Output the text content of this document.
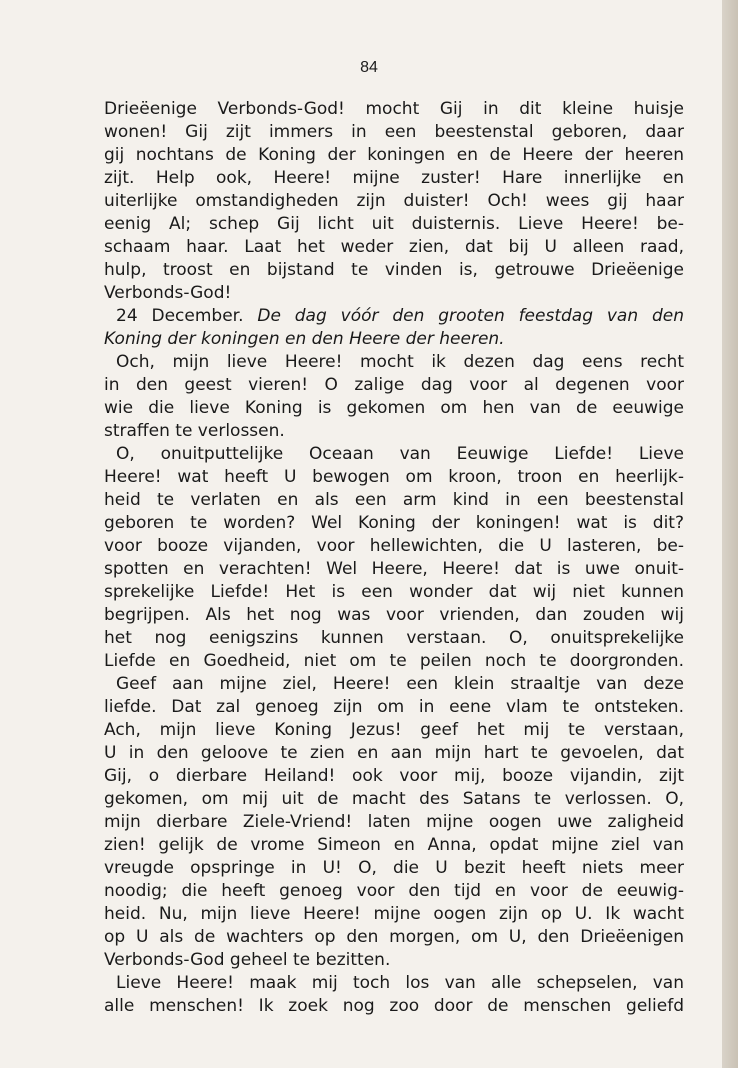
84
Drieëenige Verbonds-God! mocht Gij in dit kleine huisje
wonen! Gij zijt immers in een beestenstal geboren, daar
gij nochtans de Koning der koningen en de Heere der heeren
zijt. Help ook, Heere! mijne zuster! Hare innerlijke en
uiterlijke omstandigheden zijn duister! Och! wees gij haar
eenig Al; schep Gij licht uit duisternis. Lieve Heere! be-
schaam haar. Laat het weder zien, dat bij U alleen raad,
hulp, troost en bijstand te vinden is, getrouwe Drieëenige
Verbonds-God!
24 December. De dag vóór den grooten feestdag van den
Koning der koningen en den Heere der heeren.
Och, mijn lieve Heere! mocht ik dezen dag eens recht
in den geest vieren! O zalige dag voor al degenen voor
wie die lieve Koning is gekomen om hen van de eeuwige
straffen te verlossen.
O, onuitputtelijke Oceaan van Eeuwige Liefde! Lieve
Heere! wat heeft U bewogen om kroon, troon en heerlijk-
heid te verlaten en als een arm kind in een beestenstal
geboren te worden? Wel Koning der koningen! wat is dit?
voor booze vijanden, voor hellewichten, die U lasteren, be-
spotten en verachten! Wel Heere, Heere! dat is uwe onuit-
sprekelijke Liefde! Het is een wonder dat wij niet kunnen
begrijpen. Als het nog was voor vrienden, dan zouden wij
het nog eenigszins kunnen verstaan. O, onuitsprekelijke
Liefde en Goedheid, niet om te peilen noch te doorgronden.
Geef aan mijne ziel, Heere! een klein straaltje van deze
liefde. Dat zal genoeg zijn om in eene vlam te ontsteken.
Ach, mijn lieve Koning Jezus! geef het mij te verstaan,
U in den geloove te zien en aan mijn hart te gevoelen, dat
Gij, o dierbare Heiland! ook voor mij, booze vijandin, zijt
gekomen, om mij uit de macht des Satans te verlossen. O,
mijn dierbare Ziele-Vriend! laten mijne oogen uwe zaligheid
zien! gelijk de vrome Simeon en Anna, opdat mijne ziel van
vreugde opspringe in U! O, die U bezit heeft niets meer
noodig; die heeft genoeg voor den tijd en voor de eeuwig-
heid. Nu, mijn lieve Heere! mijne oogen zijn op U. Ik wacht
op U als de wachters op den morgen, om U, den Drieëenigen
Verbonds-God geheel te bezitten.
Lieve Heere! maak mij toch los van alle schepselen, van
alle menschen! Ik zoek nog zoo door de menschen geliefd
